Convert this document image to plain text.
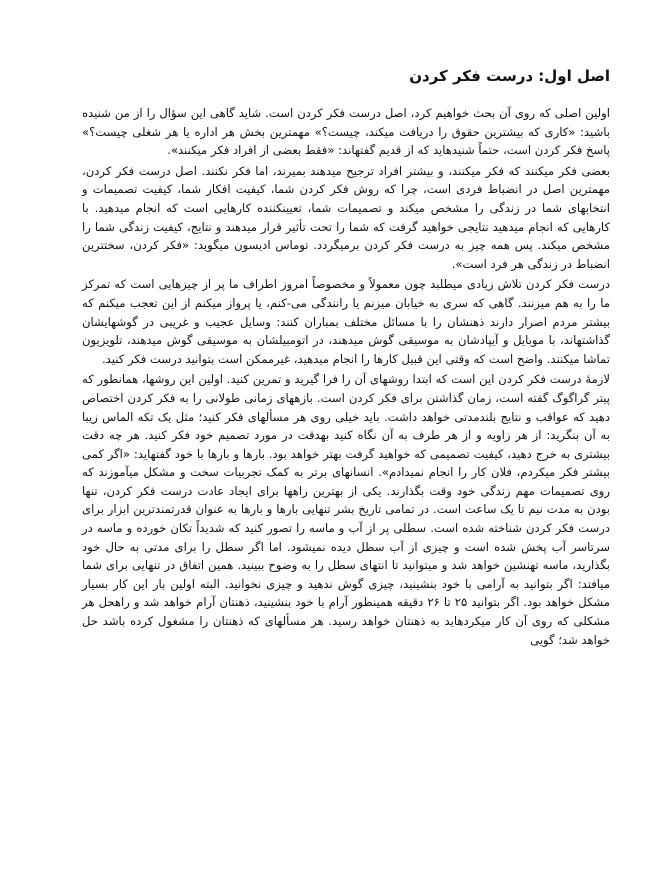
اصل اول: درست فکر کردن

اولین اصلی که روی آن بحث خواهیم کرد، اصل درست فکر کردن است. شاید گاهی این سؤال را از من شنیده باشید: «کاری که بیشترین حقوق را دریافت میکند، چیست؟» مهمترین بخش هر اداره یا هر شغلی چیست؟» پاسخ فکر کردن است، حتماً شنیدهاید که از قدیم گفتهاند: «فقط بعضی از افراد فکر میکنند».

بعضی فکر میکنند که فکر میکنند، و بیشتر افراد ترجیح میدهند بمیرند، اما فکر نکنند. اصل درست فکر کردن، مهمترین اصل در انضباط فردی است، چرا که روش فکر کردن شما، کیفیت افکار شما، کیفیت تصمیمات و انتخابهای شما در زندگی را مشخص میکند و تصمیمات شما، تعیینکننده کارهایی است که انجام میدهید. با کارهایی که انجام میدهید نتایجی خواهید گرفت که شما را تحت تأثیر قرار میدهند و نتایج، کیفیت زندگی شما را مشخص میکند. پس همه چیز به درست فکر کردن برمیگردد. توماس ادیسون میگوید: «فکر کردن، سختترین انضباط در زندگی هر فرد است».

درست فکر کردن تلاش زیادی میطلبد چون معمولاً و مخصوصاً امروز اطراف ما پر از چیزهایی است که تمرکز ما را به هم میزنند. گاهی که سری به خیابان میزنم یا رانندگی می-کنم، یا پرواز میکنم از این تعجب میکنم که بیشتر مردم اصرار دارند ذهنشان را با مسائل مختلف بمباران کنند: وسایل عجیب و غریبی در گوشهایشان گذاشتهاند، با موبایل و آیپادشان به موسیقی گوش میدهند، در اتومبیلشان به موسیقی گوش میدهند، تلویزیون تماشا میکنند. واضح است که وقتی این قبیل کارها را انجام میدهید، غیرممکن است بتوانید درست فکر کنید.

لازمۀ درست فکر کردن این است که ابتدا روشهای آن را فرا گیرید و تمرین کنید. اولین این روشها، همانطور که پیتر گراگوگ گفته است، زمان گذاشتن برای فکر کردن است. بازههای زمانی طولانی را به فکر کردن اختصاص دهید که عواقب و نتایج بلندمدتی خواهد داشت. باید خیلی روی هر مسألهای فکر کنید؛ مثل یک تکه الماس زیبا به آن بنگرید: از هر زاویه و از هر طرف به آن نگاه کنید بهدقت در مورد تصمیم خود فکر کنید. هر چه دقت بیشتری به خرج دهید، کیفیت تصمیمی که خواهید گرفت بهتر خواهد بود. بارها و بارها با خود گفتهاید: «اگر کمی بیشتر فکر میکردم، فلان کار را انجام نمیدادم». انسانهای برتر به کمک تجربیات سخت و مشکل میآموزند که روی تصمیمات مهم زندگی خود وقت بگذارند. یکی از بهترین راهها برای ایجاد عادت درست فکر کردن، تنها بودن به مدت نیم تا یک ساعت است. در تمامی تاریخ بشر تنهایی بارها و بارها به عنوان قدرتمندترین ابزار برای درست فکر کردن شناخته شده است. سطلی پر از آب و ماسه را تصور کنید که شدیداً تکان خورده و ماسه در سرتاسر آب پخش شده است و چیزی از آب سطل دیده نمیشود. اما اگر سطل را برای مدتی به حال خود بگذارید، ماسه تهنشین خواهد شد و میتوانید تا انتهای سطل را به وضوح ببینید. همین اتفاق در تنهایی برای شما میافتد: اگر بتوانید به آرامی با خود بنشینید، چیزی گوش ندهید و چیزی نخوانید. البته اولین بار این کار بسیار مشکل خواهد بود. اگر بتوانید ۲۵ تا ۲۶ دقیقه همینطور آرام با خود بنشینید، ذهنتان آرام خواهد شد و راهحل هر مشکلی که روی آن کار میکردهاید به ذهنتان خواهد رسید. هر مسألهای که ذهنتان را مشغول کرده باشد حل خواهد شد؛ گویی
